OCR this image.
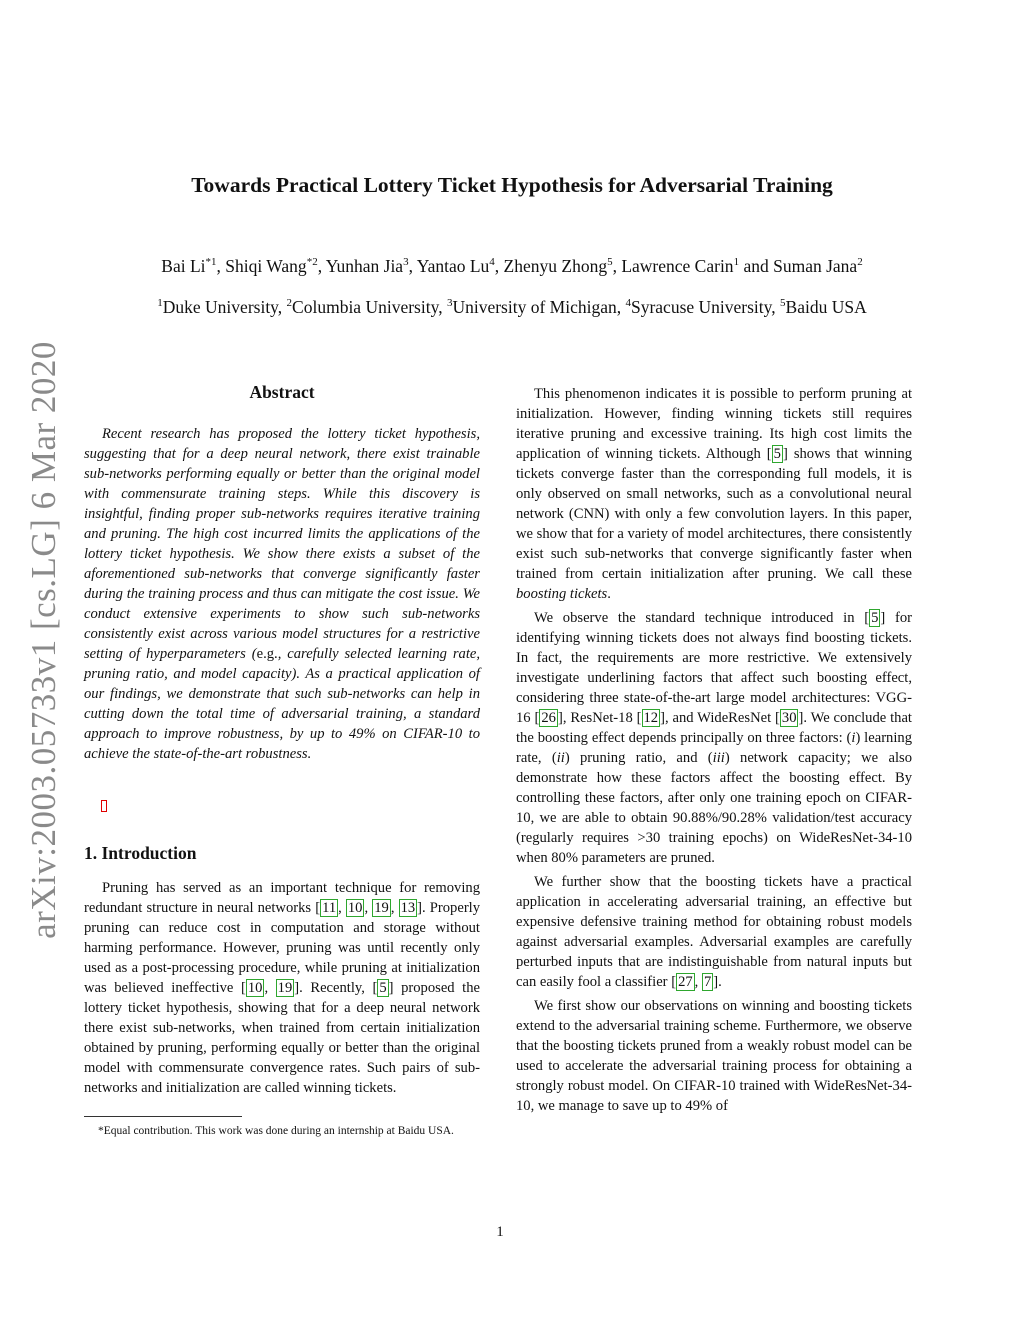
arXiv:2003.05733v1 [cs.LG] 6 Mar 2020
Towards Practical Lottery Ticket Hypothesis for Adversarial Training
Bai Li$^{*1}$, Shiqi Wang$^{*2}$, Yunhan Jia$^3$, Yantao Lu$^4$, Zhenyu Zhong$^5$, Lawrence Carin$^1$ and Suman Jana$^2$
$^1$Duke University, $^2$Columbia University, $^3$University of Michigan, $^4$Syracuse University, $^5$Baidu USA
Abstract

Recent research has proposed the lottery ticket hypothesis, suggesting that for a deep neural network, there exist trainable sub-networks performing equally or better than the original model with commensurate training steps. While this discovery is insightful, finding proper sub-networks requires iterative training and pruning. The high cost incurred limits the applications of the lottery ticket hypothesis. We show there exists a subset of the aforementioned sub-networks that converge significantly faster during the training process and thus can mitigate the cost issue. We conduct extensive experiments to show such sub-networks consistently exist across various model structures for a restrictive setting of hyperparameters (e.g., carefully selected learning rate, pruning ratio, and model capacity). As a practical application of our findings, we demonstrate that such sub-networks can help in cutting down the total time of adversarial training, a standard approach to improve robustness, by up to 49% on CIFAR-10 to achieve the state-of-the-art robustness.

1. Introduction

Pruning has served as an important technique for removing redundant structure in neural networks [ 11 , 10 , 19 , 13 ]. Properly pruning can reduce cost in computation and storage without harming performance. However, pruning was until recently only used as a post-processing procedure, while pruning at initialization was believed ineffective [ 10 , 19 ]. Recently, [ 5 ] proposed the lottery ticket hypothesis, showing that for a deep neural network there exist sub-networks, when trained from certain initialization obtained by pruning, performing equally or better than the original model with commensurate convergence rates. Such pairs of sub-networks and initialization are called winning tickets.

*Equal contribution. This work was done during an internship at Baidu USA.

This phenomenon indicates it is possible to perform pruning at initialization. However, finding winning tickets still requires iterative pruning and excessive training. Its high cost limits the application of winning tickets. Although [ 5 ] shows that winning tickets converge faster than the corresponding full models, it is only observed on small networks, such as a convolutional neural network (CNN) with only a few convolution layers. In this paper, we show that for a variety of model architectures, there consistently exist such sub-networks that converge significantly faster when trained from certain initialization after pruning. We call these boosting tickets.

We observe the standard technique introduced in [ 5 ] for identifying winning tickets does not always find boosting tickets. In fact, the requirements are more restrictive. We extensively investigate underlining factors that affect such boosting effect, considering three state-of-the-art large model architectures: VGG-16 [ 26 ], ResNet-18 [ 12 ], and WideResNet [ 30 ]. We conclude that the boosting effect depends principally on three factors: (i) learning rate, (ii) pruning ratio, and (iii) network capacity; we also demonstrate how these factors affect the boosting effect. By controlling these factors, after only one training epoch on CIFAR-10, we are able to obtain 90.88%/90.28% validation/test accuracy (regularly requires >30 training epochs) on WideResNet-34-10 when 80% parameters are pruned.

We further show that the boosting tickets have a practical application in accelerating adversarial training, an effective but expensive defensive training method for obtaining robust models against adversarial examples. Adversarial examples are carefully perturbed inputs that are indistinguishable from natural inputs but can easily fool a classifier [ 27 , 7 ].

We first show our observations on winning and boosting tickets extend to the adversarial training scheme. Furthermore, we observe that the boosting tickets pruned from a weakly robust model can be used to accelerate the adversarial training process for obtaining a strongly robust model. On CIFAR-10 trained with WideResNet-34-10, we manage to save up to 49% of

1
